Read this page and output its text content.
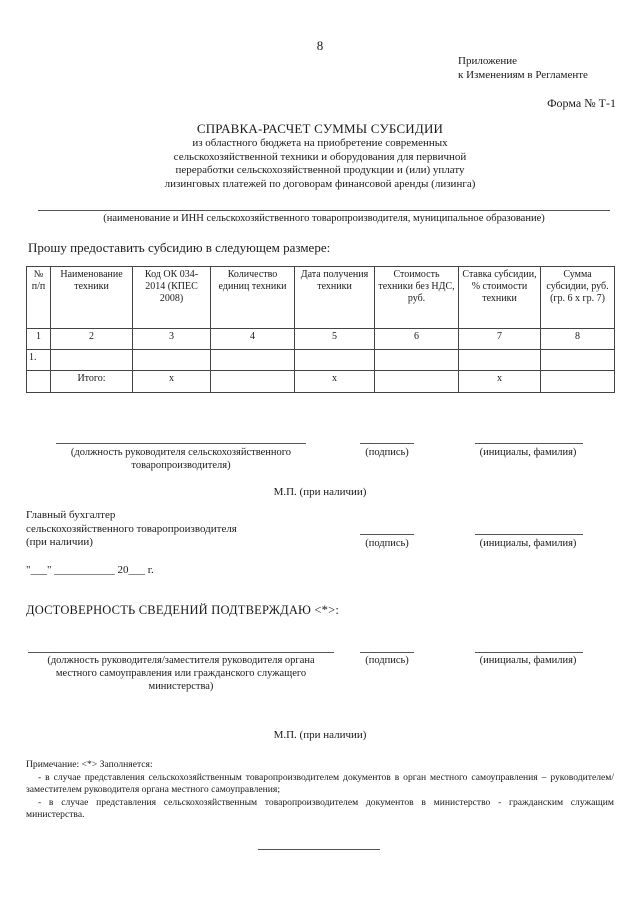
8
Приложение
к Изменениям в Регламенте
Форма № Т-1
СПРАВКА-РАСЧЕТ СУММЫ СУБСИДИИ
из областного бюджета на приобретение современных
сельскохозяйственной техники и оборудования для первичной
переработки сельскохозяйственной продукции и (или) уплату
лизинговых платежей по договорам финансовой аренды (лизинга)
(наименование и ИНН сельскохозяйственного товаропроизводителя, муниципальное образование)
Прошу предоставить субсидию в следующем размере:
№ п/п	Наименование техники	Код ОК 034-2014 (КПЕС 2008)	Количество единиц техники	Дата получения техники	Стоимость техники без НДС, руб.	Ставка субсидии, % стоимости техники	Сумма субсидии, руб. (гр. 6 х гр. 7)
1	2	3	4	5	6	7	8
1.							
	Итого:	х		х		х	
(должность руководителя сельскохозяйственного товаропроизводителя)
(подпись)	(инициалы, фамилия)
М.П. (при наличии)
Главный бухгалтер
сельскохозяйственного товаропроизводителя
(при наличии)	(подпись)	(инициалы, фамилия)
"___" ___________ 20___ г.
ДОСТОВЕРНОСТЬ СВЕДЕНИЙ ПОДТВЕРЖДАЮ <*>:
(должность руководителя/заместителя руководителя органа местного самоуправления или гражданского служащего министерства)
(подпись)	(инициалы, фамилия)
М.П. (при наличии)
Примечание: <*> Заполняется:
- в случае представления сельскохозяйственным товаропроизводителем документов в орган местного самоуправления – руководителем/заместителем руководителя органа местного самоуправления;
- в случае представления сельскохозяйственным товаропроизводителем документов в министерство - гражданским служащим министерства.
